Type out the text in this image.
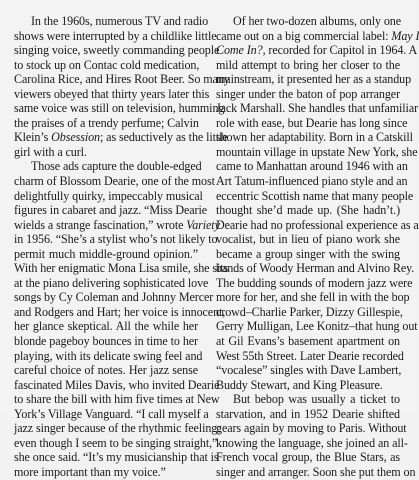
In the 1960s, numerous TV and radio
shows were interrupted by a childlike little
singing voice, sweetly commanding people
to stock up on Contac cold medication,
Carolina Rice, and Hires Root Beer. So many
viewers obeyed that thirty years later this
same voice was still on television, humming
the praises of a trendy perfume; Calvin
Klein’s Obsession; as seductively as the little
girl with a curl.
Those ads capture the double-edged
charm of Blossom Dearie, one of the most
delightfully quirky, impeccably musical
figures in cabaret and jazz. “Miss Dearie
wields a strange fascination,” wrote Variety
in 1956. “She’s a stylist who’s not likely to
permit much middle-ground opinion.”
With her enigmatic Mona Lisa smile, she sits
at the piano delivering sophisticated love
songs by Cy Coleman and Johnny Mercer
and Rodgers and Hart; her voice is innocent,
her glance skeptical. All the while her
blonde pageboy bounces in time to her
playing, with its delicate swing feel and
careful choice of notes. Her jazz sense
fascinated Miles Davis, who invited Dearie
to share the bill with him five times at New
York’s Village Vanguard. “I call myself a
jazz singer because of the rhythmic feeling;
even though I seem to be singing straight,”
she once said. “It’s my musicianship that is
more important than my voice.”
Of her two-dozen albums, only one
came out on a big commercial label: May I
Come In?, recorded for Capitol in 1964. A
mild attempt to bring her closer to the
mainstream, it presented her as a standup
singer under the baton of pop arranger
Jack Marshall. She handles that unfamiliar
role with ease, but Dearie has long since
shown her adaptability. Born in a Catskill
mountain village in upstate New York, she
came to Manhattan around 1946 with an
Art Tatum-influenced piano style and an
eccentric Scottish name that many people
thought she’d made up. (She hadn’t.)
Dearie had no professional experience as a
vocalist, but in lieu of piano work she
became a group singer with the swing
bands of Woody Herman and Alvino Rey.
The budding sounds of modern jazz were
more for her, and she fell in with the bop
crowd–Charlie Parker, Dizzy Gillespie,
Gerry Mulligan, Lee Konitz–that hung out
at Gil Evans’s basement apartment on
West 55th Street. Later Dearie recorded
“vocalese” singles with Dave Lambert,
Buddy Stewart, and King Pleasure.
But bebop was usually a ticket to
starvation, and in 1952 Dearie shifted
gears again by moving to Paris. Without
knowing the language, she joined an all-
French vocal group, the Blue Stars, as
singer and arranger. Soon she put them on
